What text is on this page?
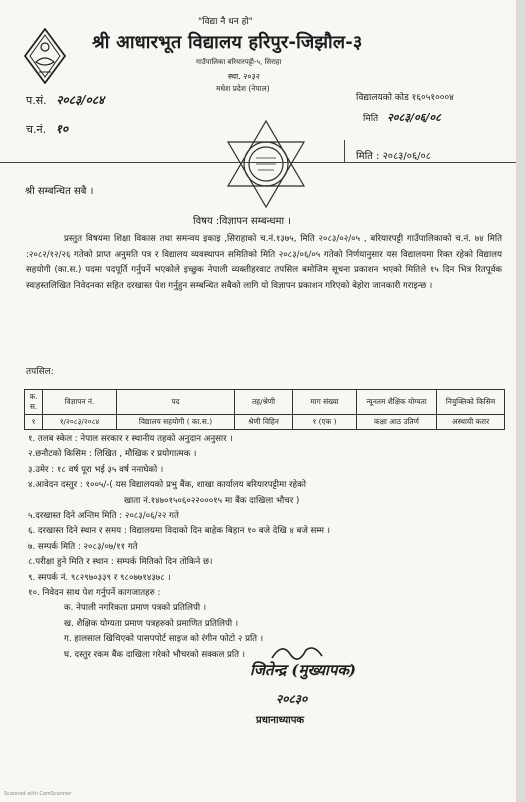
"विद्या नै धन हो"
श्री आधारभूत विद्यालय हरिपुर-जिझौल-३
गाउँपालिका बरियारपट्टी-५, सिराहा
स्था. २०३२
मधेश प्रदेश (नेपाल)
प.सं. २०८३/०८४
च.नं. १०
विद्यालयको कोड १६०५१०००४
मिति २०८३/०६/०८
मिति : २०८३/०६/०८
श्री सम्बन्धित सबै ।
विषय :विज्ञापन सम्बन्धमा ।
प्रस्तुत विषयमा शिक्षा विकास तथा समन्वय इकाइ ,सिराहाको च.नं.१३७५, मिति २०८३/०२/०५ , बरियारपट्टी गाउँपालिकाको च.नं. ७४ मिति :२०८२/१२/२६ गतेको प्राप्त अनुमति पत्र र विद्यालय व्यवस्थापन समितिको मिति २०८३/०६/०५ गतेको निर्णयानुसार यस विद्यालयमा रिक्त रहेको विद्यालय सहयोगी (का.स.) पदमा पदपूर्ति गर्नुपर्ने भएकोले इच्छुक नेपाली व्यक्तीहरवाट तपसिल बमोजिम सूचना प्रकाशन भएको मितिले १५ दिन भित्र रितपूर्वक स्वःहस्तलिखित निवेदनका सहित दरखास्त पेश गर्नुहुन सम्बन्धित सबैको लागि यो विज्ञापन प्रकाशन गरिएको बेहोरा जानकारी गराइन्छ ।
तपसिल:
क. स.	विज्ञापन नं.	पद	तह/श्रेणी	माग संख्या	न्यूनतम शैक्षिक योग्यता	नियुक्तिको किसिम
१	१/२०८३/२०८४	विद्यालय सहयोगी ( का.स.)	श्रेणी विहिन	१ (एक )	कक्षा आठ उतिर्ण	अस्थायी करार
१. तलब स्केल : नेपाल सरकार र स्थानीय तहको अनुदान अनुसार ।
२.छनौटको किसिम : लिखित , मौखिक र प्रयोगात्मक ।
३.उमेर : १८ वर्ष पूरा भई ३५ वर्ष ननाघेको ।
४.आवेदन दस्तुर : १००५/-( यस विद्यालयको प्रभु बैंक, शाखा कार्यालय बरियारपट्टीमा रहेको
खाता नं.१४७०१५०६०२२०००१५ मा बैंक दाखिला भौचर )
५.दरखास्त दिने अन्तिम मिति : २०८३/०६/२२ गते
६. दरखास्त दिने स्थान र समय : विद्यालयमा विदाको दिन बाहेक बिहान १० बजे देखि ४ बजे सम्म ।
७. सम्पर्क मिति : २०८३/०७/११ गते
८.परीक्षा हुने मिति र स्थान : सम्पर्क मितिको दिन तोकिने छ।
९. स्मपर्क नं. ९८२९७०३३९ र ९८०७७१४३७८ ।
१०. निवेदन साथ पेश गर्नुपर्ने कागजातहरु :
क. नेपाली नगरिकता प्रमाण पत्रको प्रतिलिपी ।
ख. शैक्षिक योग्यता प्रमाण पत्रहरुको प्रमाणित प्रतिलिपी ।
ग. हालसाल खिचिएको पासपपोर्ट साइज को रंगीन फोटो २ प्रति ।
घ. दस्तुर रकम बैंक दाखिला गरेको भौचरको सक्कल प्रति ।
जितेन्द्र (मुख्यापक)
२०८३०
प्रधानाध्यापक
Scanned with CamScanner
